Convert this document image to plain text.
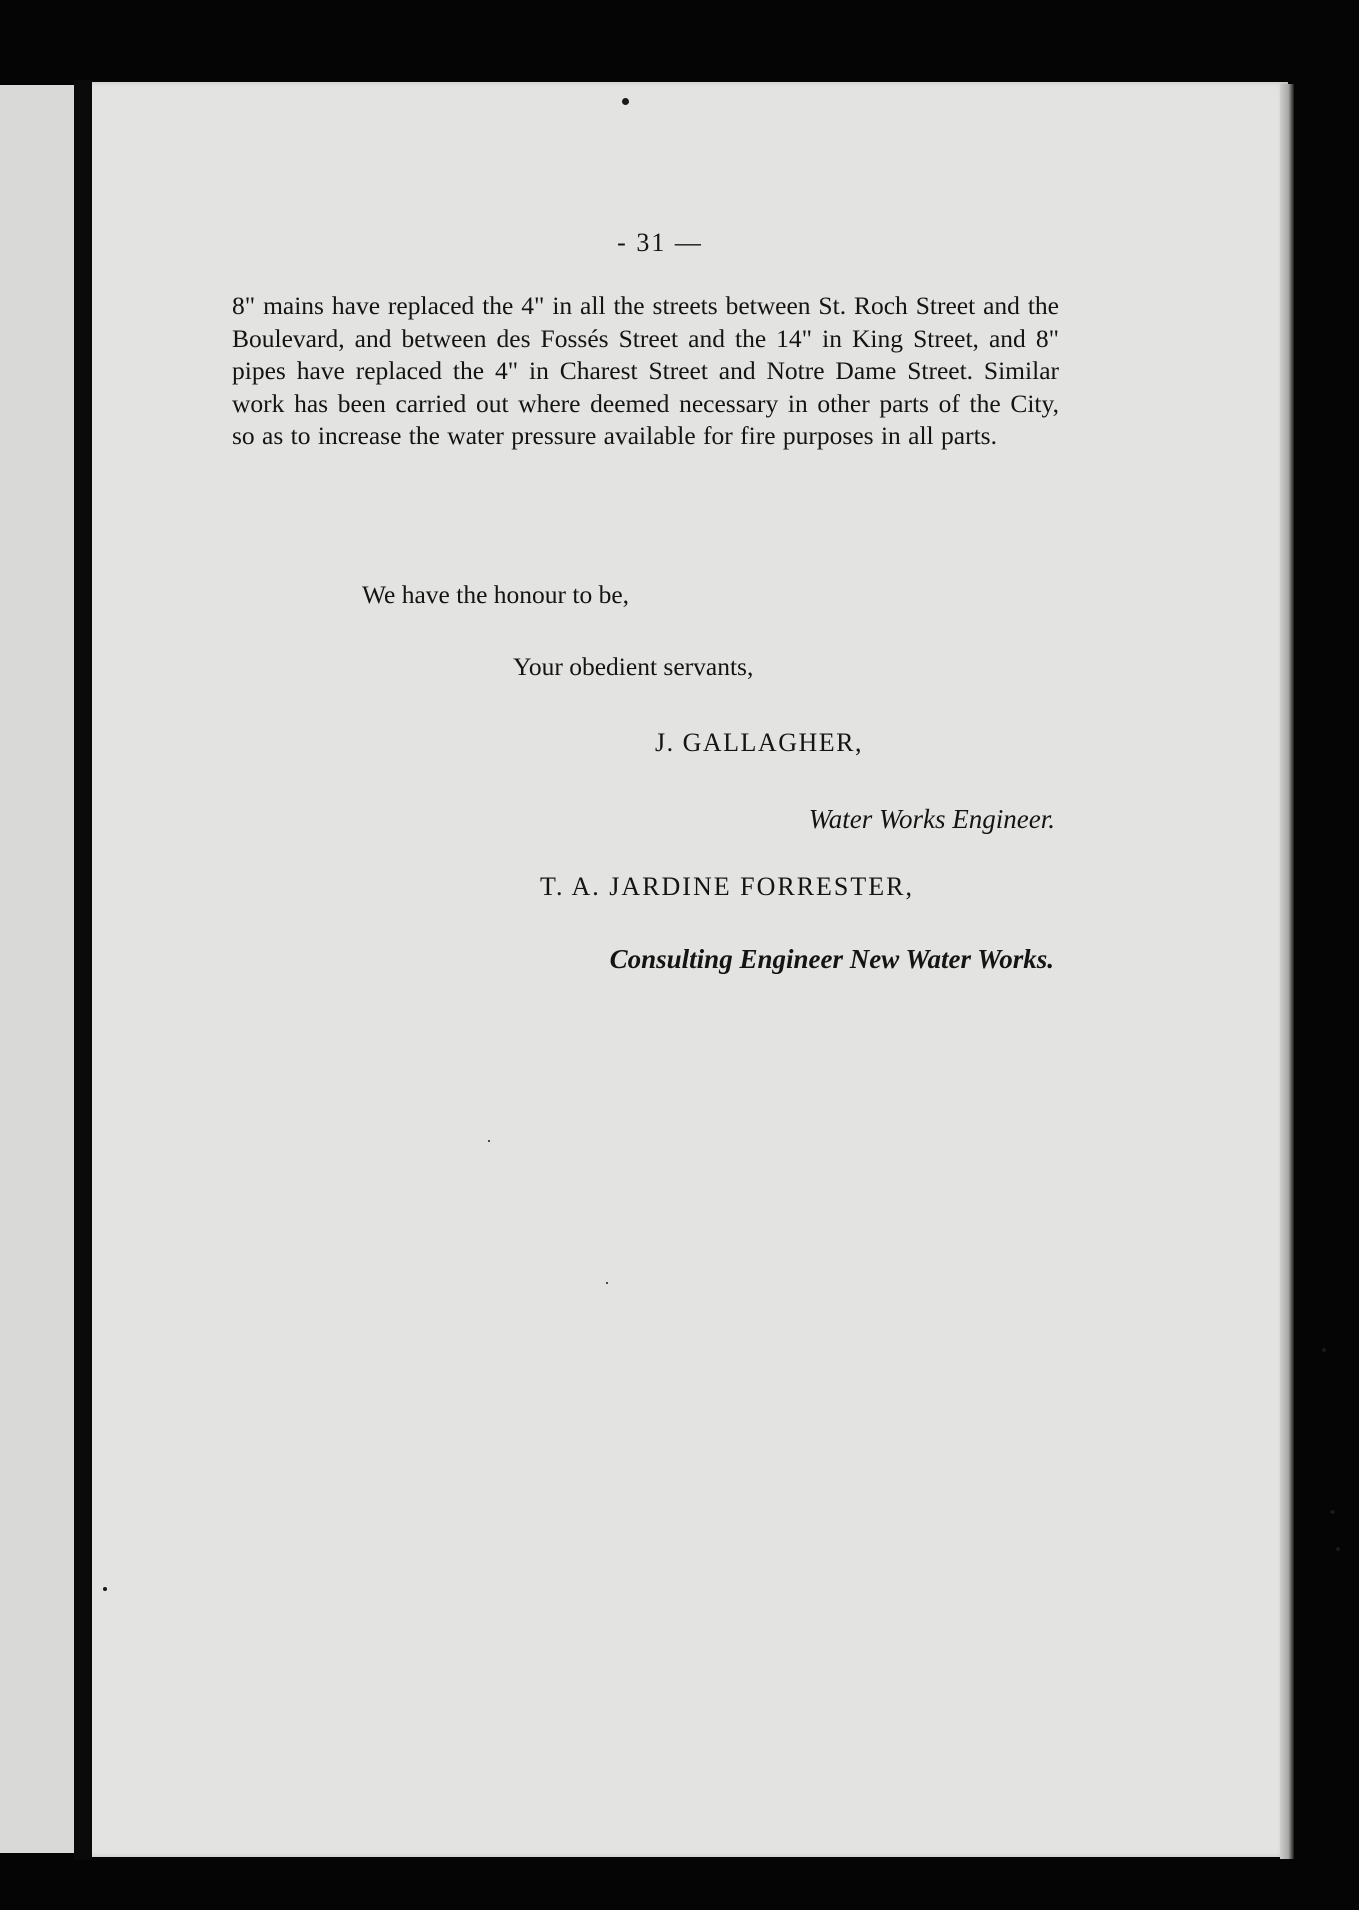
- 31 —
8" mains have replaced the 4" in all the streets between St. Roch Street and the Boulevard, and between des Fossés Street and the 14" in King Street, and 8" pipes have replaced the 4" in Charest Street and Notre Dame Street. Similar work has been carried out where deemed necessary in other parts of the City, so as to increase the water pressure available for fire purposes in all parts.
We have the honour to be,
Your obedient servants,
J. GALLAGHER,
Water Works Engineer.
T. A. JARDINE FORRESTER,
Consulting Engineer New Water Works.
